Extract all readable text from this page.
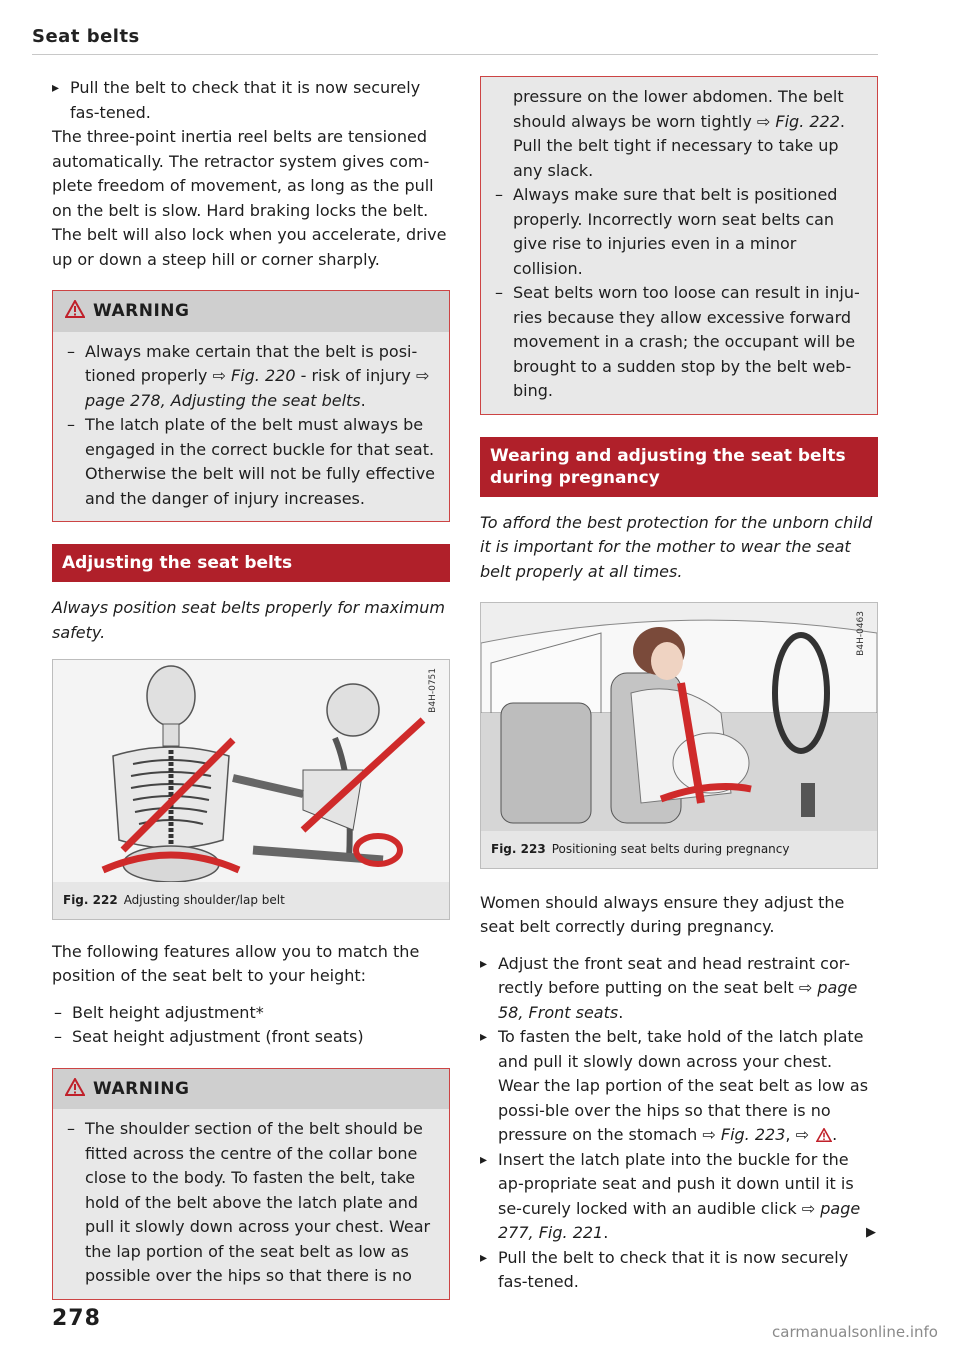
Seat belts

▸ Pull the belt to check that it is now securely fas-tened.

The three-point inertia reel belts are tensioned automatically. The retractor system gives com-plete freedom of movement, as long as the pull on the belt is slow. Hard braking locks the belt. The belt will also lock when you accelerate, drive up or down a steep hill or corner sharply.

WARNING

– Always make certain that the belt is posi-tioned properly ⇨ Fig. 220 - risk of injury ⇨ page 278, Adjusting the seat belts.

– The latch plate of the belt must always be engaged in the correct buckle for that seat. Otherwise the belt will not be fully effective and the danger of injury increases.

Adjusting the seat belts

Always position seat belts properly for maximum safety.

B4H-0751
Fig. 222 Adjusting shoulder/lap belt

The following features allow you to match the position of the seat belt to your height:

– Belt height adjustment*

– Seat height adjustment (front seats)

WARNING

– The shoulder section of the belt should be fitted across the centre of the collar bone close to the body. To fasten the belt, take hold of the belt above the latch plate and pull it slowly down across your chest. Wear the lap portion of the seat belt as low as possible over the hips so that there is no

pressure on the lower abdomen. The belt should always be worn tightly ⇨ Fig. 222. Pull the belt tight if necessary to take up any slack.

– Always make sure that belt is positioned properly. Incorrectly worn seat belts can give rise to injuries even in a minor collision.

– Seat belts worn too loose can result in inju-ries because they allow excessive forward movement in a crash; the occupant will be brought to a sudden stop by the belt web-bing.

Wearing and adjusting the seat belts during pregnancy

To afford the best protection for the unborn child it is important for the mother to wear the seat belt properly at all times.

B4H-0463
Fig. 223 Positioning seat belts during pregnancy

Women should always ensure they adjust the seat belt correctly during pregnancy.

▸ Adjust the front seat and head restraint cor-rectly before putting on the seat belt ⇨ page 58, Front seats.

▸ To fasten the belt, take hold of the latch plate and pull it slowly down across your chest. Wear the lap portion of the seat belt as low as possi-ble over the hips so that there is no pressure on the stomach ⇨ Fig. 223, ⇨ .

▸ Insert the latch plate into the buckle for the ap-propriate seat and push it down until it is se-curely locked with an audible click ⇨ page 277, Fig. 221.

▸ Pull the belt to check that it is now securely fas-tened.

▶
278
carmanualsonline.info
